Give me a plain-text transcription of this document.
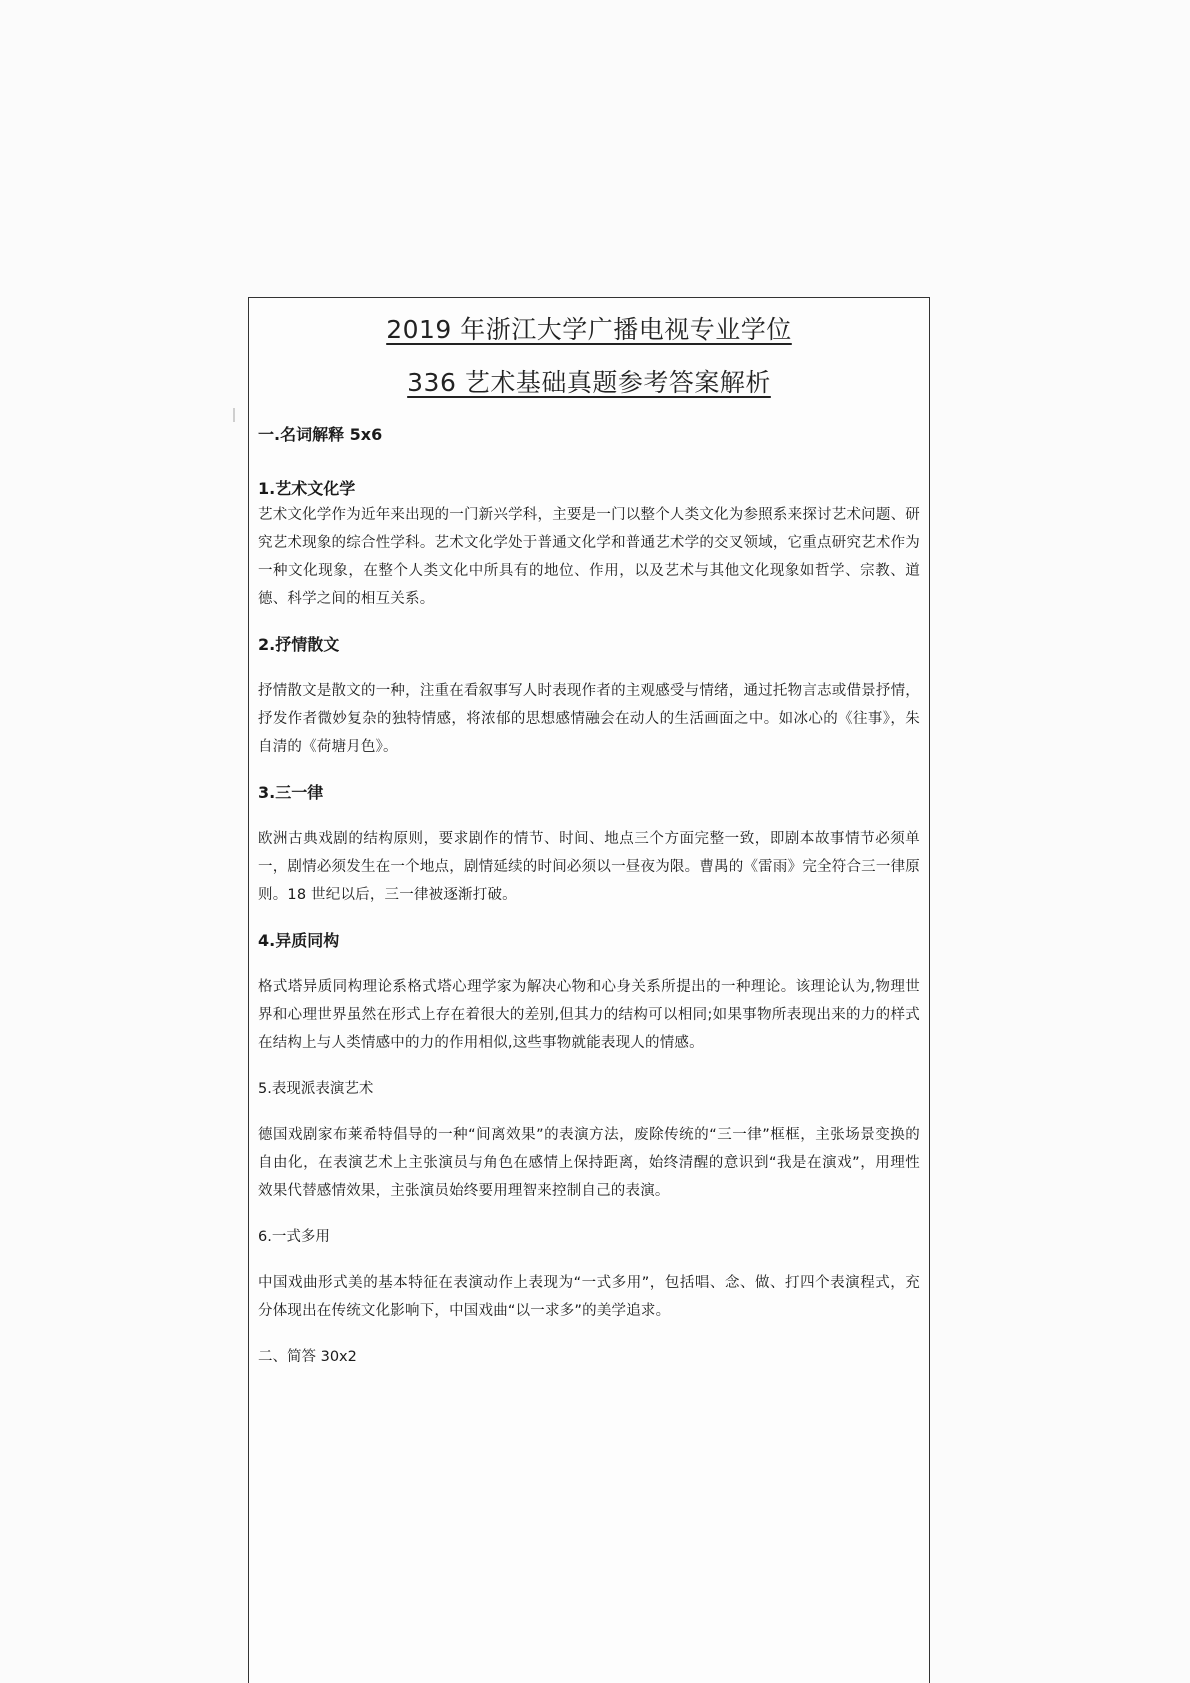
2019 年浙江大学广播电视专业学位
336 艺术基础真题参考答案解析

一.名词解释 5x6

1.艺术文化学

艺术文化学作为近年来出现的一门新兴学科，主要是一门以整个人类文化为参照系来探讨艺术问题、研究艺术现象的综合性学科。艺术文化学处于普通文化学和普通艺术学的交叉领域，它重点研究艺术作为一种文化现象，在整个人类文化中所具有的地位、作用，以及艺术与其他文化现象如哲学、宗教、道德、科学之间的相互关系。

2.抒情散文

抒情散文是散文的一种，注重在看叙事写人时表现作者的主观感受与情绪，通过托物言志或借景抒情，抒发作者微妙复杂的独特情感，将浓郁的思想感情融会在动人的生活画面之中。如冰心的《往事》，朱自清的《荷塘月色》。

3.三一律

欧洲古典戏剧的结构原则，要求剧作的情节、时间、地点三个方面完整一致，即剧本故事情节必须单一，剧情必须发生在一个地点，剧情延续的时间必须以一昼夜为限。曹禺的《雷雨》完全符合三一律原则。18 世纪以后，三一律被逐渐打破。

4.异质同构

格式塔异质同构理论系格式塔心理学家为解决心物和心身关系所提出的一种理论。该理论认为,物理世界和心理世界虽然在形式上存在着很大的差别,但其力的结构可以相同;如果事物所表现出来的力的样式在结构上与人类情感中的力的作用相似,这些事物就能表现人的情感。

5.表现派表演艺术

德国戏剧家布莱希特倡导的一种“间离效果”的表演方法，废除传统的“三一律”框框，主张场景变换的自由化，在表演艺术上主张演员与角色在感情上保持距离，始终清醒的意识到“我是在演戏”，用理性效果代替感情效果，主张演员始终要用理智来控制自己的表演。

6.一式多用

中国戏曲形式美的基本特征在表演动作上表现为“一式多用”，包括唱、念、做、打四个表演程式，充分体现出在传统文化影响下，中国戏曲“以一求多”的美学追求。

二、简答 30x2
